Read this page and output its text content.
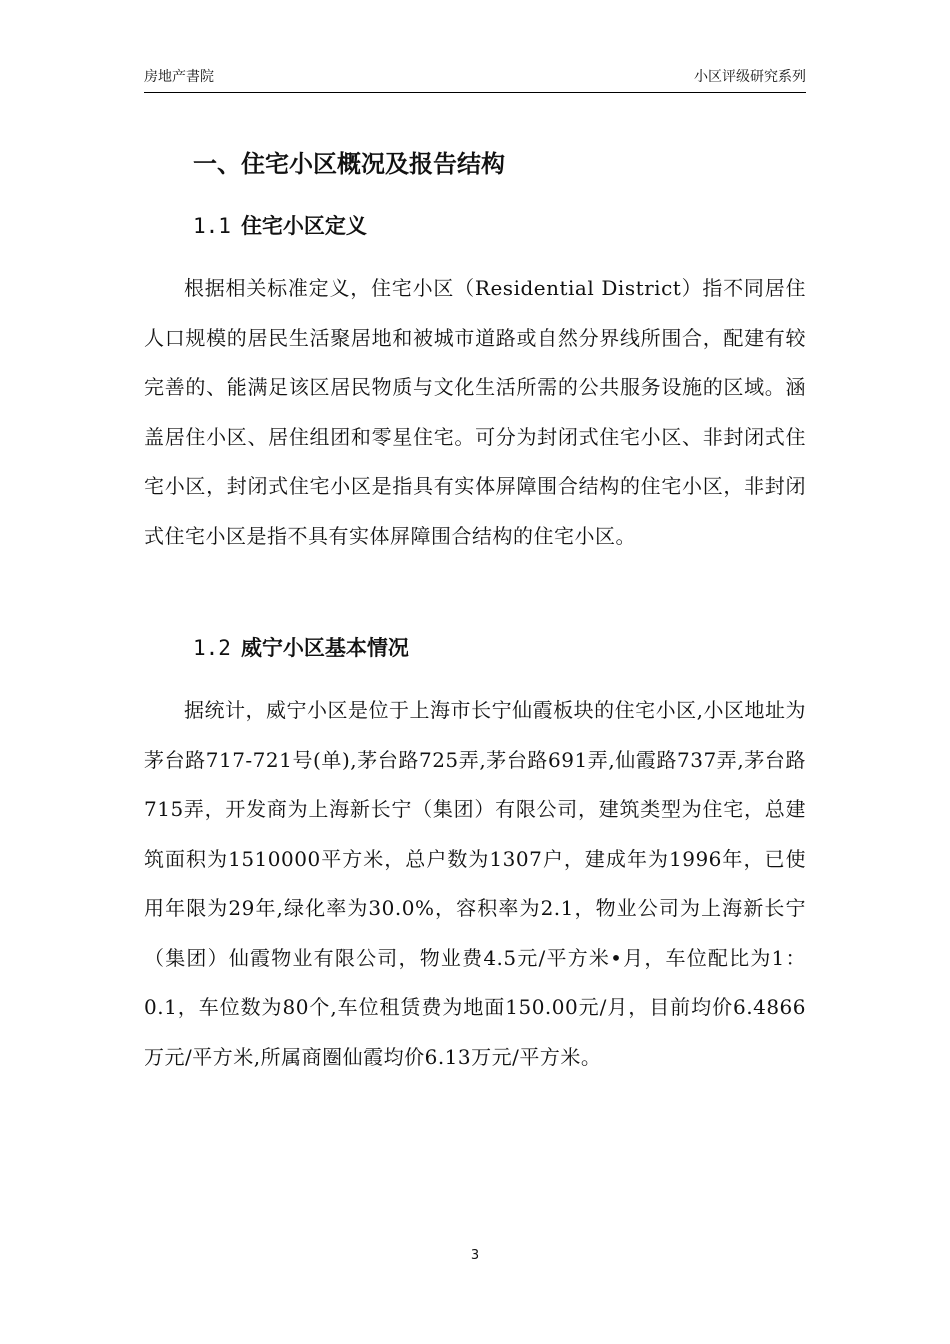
房地产書院	小区评级研究系列
一、住宅小区概况及报告结构
1.1 住宅小区定义

根据相关标准定义，住宅小区（Residential District）指不同居住人口规模的居民生活聚居地和被城市道路或自然分界线所围合，配建有较完善的、能满足该区居民物质与文化生活所需的公共服务设施的区域。涵盖居住小区、居住组团和零星住宅。可分为封闭式住宅小区、非封闭式住宅小区，封闭式住宅小区是指具有实体屏障围合结构的住宅小区，非封闭式住宅小区是指不具有实体屏障围合结构的住宅小区。

1.2 威宁小区基本情况

据统计，威宁小区是位于上海市长宁仙霞板块的住宅小区,小区地址为茅台路717-721号(单),茅台路725弄,茅台路691弄,仙霞路737弄,茅台路715弄，开发商为上海新长宁（集团）有限公司，建筑类型为住宅，总建筑面积为1510000平方米，总户数为1307户，建成年为1996年，已使用年限为29年,绿化率为30.0%，容积率为2.1，物业公司为上海新长宁（集团）仙霞物业有限公司，物业费4.5元/平方米•月，车位配比为1：0.1，车位数为80个,车位租赁费为地面150.00元/月，目前均价6.4866万元/平方米,所属商圈仙霞均价6.13万元/平方米。

3
